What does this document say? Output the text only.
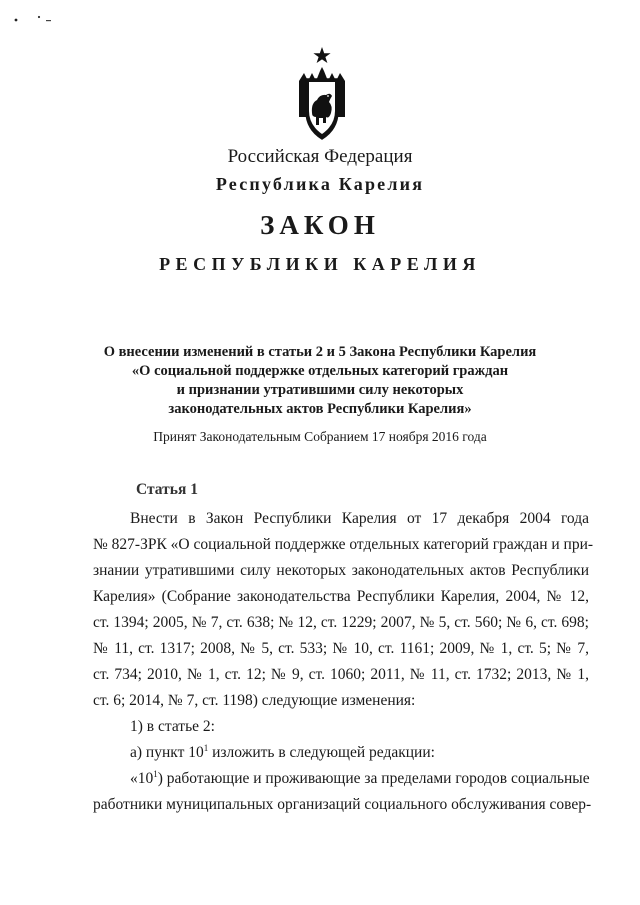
Российская Федерация
Республика Карелия
ЗАКОН
РЕСПУБЛИКИ КАРЕЛИЯ
О внесении изменений в статьи 2 и 5 Закона Республики Карелия
«О социальной поддержке отдельных категорий граждан
и признании утратившими силу некоторых
законодательных актов Республики Карелия»
Принят Законодательным Собранием 17 ноября 2016 года
Статья 1
Внести в Закон Республики Карелия от 17 декабря 2004 года
№ 827-ЗРК «О социальной поддержке отдельных категорий граждан и при-
знании утратившими силу некоторых законодательных актов Республики
Карелия» (Собрание законодательства Республики Карелия, 2004, № 12,
ст. 1394; 2005, № 7, ст. 638; № 12, ст. 1229; 2007, № 5, ст. 560; № 6, ст. 698;
№ 11, ст. 1317; 2008, № 5, ст. 533; № 10, ст. 1161; 2009, № 1, ст. 5; № 7,
ст. 734; 2010, № 1, ст. 12; № 9, ст. 1060; 2011, № 11, ст. 1732; 2013, № 1,
ст. 6; 2014, № 7, ст. 1198) следующие изменения:
1) в статье 2:
а) пункт $10^1$ изложить в следующей редакции:
«$10^1$) работающие и проживающие за пределами городов социальные
работники муниципальных организаций социального обслуживания совер-
